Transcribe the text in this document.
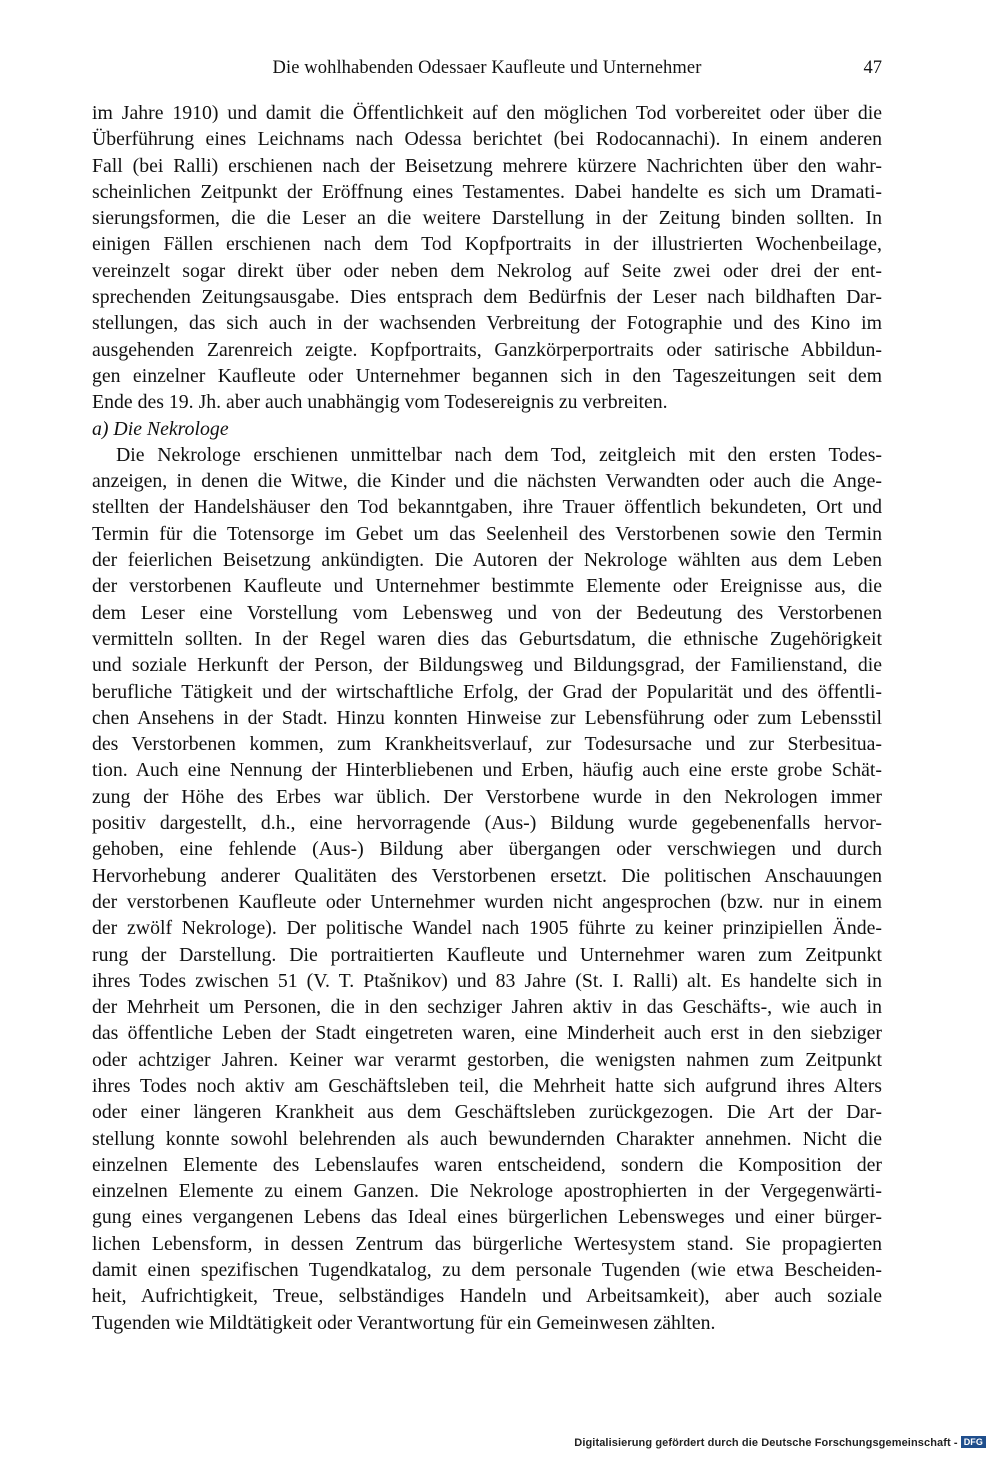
Die wohlhabenden Odessaer Kaufleute und Unternehmer	47
im Jahre 1910) und damit die Öffentlichkeit auf den möglichen Tod vorbereitet oder über die
Überführung eines Leichnams nach Odessa berichtet (bei Rodocannachi). In einem anderen
Fall (bei Ralli) erschienen nach der Beisetzung mehrere kürzere Nachrichten über den wahr-
scheinlichen Zeitpunkt der Eröffnung eines Testamentes. Dabei handelte es sich um Dramati-
sierungsformen, die die Leser an die weitere Darstellung in der Zeitung binden sollten. In
einigen Fällen erschienen nach dem Tod Kopfportraits in der illustrierten Wochenbeilage,
vereinzelt sogar direkt über oder neben dem Nekrolog auf Seite zwei oder drei der ent-
sprechenden Zeitungsausgabe. Dies entsprach dem Bedürfnis der Leser nach bildhaften Dar-
stellungen, das sich auch in der wachsenden Verbreitung der Fotographie und des Kino im
ausgehenden Zarenreich zeigte. Kopfportraits, Ganzkörperportraits oder satirische Abbildun-
gen einzelner Kaufleute oder Unternehmer begannen sich in den Tageszeitungen seit dem
Ende des 19. Jh. aber auch unabhängig vom Todesereignis zu verbreiten.
a) Die Nekrologe
Die Nekrologe erschienen unmittelbar nach dem Tod, zeitgleich mit den ersten Todes-
anzeigen, in denen die Witwe, die Kinder und die nächsten Verwandten oder auch die Ange-
stellten der Handelshäuser den Tod bekanntgaben, ihre Trauer öffentlich bekundeten, Ort und
Termin für die Totensorge im Gebet um das Seelenheil des Verstorbenen sowie den Termin
der feierlichen Beisetzung ankündigten. Die Autoren der Nekrologe wählten aus dem Leben
der verstorbenen Kaufleute und Unternehmer bestimmte Elemente oder Ereignisse aus, die
dem Leser eine Vorstellung vom Lebensweg und von der Bedeutung des Verstorbenen
vermitteln sollten. In der Regel waren dies das Geburtsdatum, die ethnische Zugehörigkeit
und soziale Herkunft der Person, der Bildungsweg und Bildungsgrad, der Familienstand, die
berufliche Tätigkeit und der wirtschaftliche Erfolg, der Grad der Popularität und des öffentli-
chen Ansehens in der Stadt. Hinzu konnten Hinweise zur Lebensführung oder zum Lebensstil
des Verstorbenen kommen, zum Krankheitsverlauf, zur Todesursache und zur Sterbesitua-
tion. Auch eine Nennung der Hinterbliebenen und Erben, häufig auch eine erste grobe Schät-
zung der Höhe des Erbes war üblich. Der Verstorbene wurde in den Nekrologen immer
positiv dargestellt, d.h., eine hervorragende (Aus-) Bildung wurde gegebenenfalls hervor-
gehoben, eine fehlende (Aus-) Bildung aber übergangen oder verschwiegen und durch
Hervorhebung anderer Qualitäten des Verstorbenen ersetzt. Die politischen Anschauungen
der verstorbenen Kaufleute oder Unternehmer wurden nicht angesprochen (bzw. nur in einem
der zwölf Nekrologe). Der politische Wandel nach 1905 führte zu keiner prinzipiellen Ände-
rung der Darstellung. Die portraitierten Kaufleute und Unternehmer waren zum Zeitpunkt
ihres Todes zwischen 51 (V. T. Ptašnikov) und 83 Jahre (St. I. Ralli) alt. Es handelte sich in
der Mehrheit um Personen, die in den sechziger Jahren aktiv in das Geschäfts-, wie auch in
das öffentliche Leben der Stadt eingetreten waren, eine Minderheit auch erst in den siebziger
oder achtziger Jahren. Keiner war verarmt gestorben, die wenigsten nahmen zum Zeitpunkt
ihres Todes noch aktiv am Geschäftsleben teil, die Mehrheit hatte sich aufgrund ihres Alters
oder einer längeren Krankheit aus dem Geschäftsleben zurückgezogen. Die Art der Dar-
stellung konnte sowohl belehrenden als auch bewundernden Charakter annehmen. Nicht die
einzelnen Elemente des Lebenslaufes waren entscheidend, sondern die Komposition der
einzelnen Elemente zu einem Ganzen. Die Nekrologe apostrophierten in der Vergegenwärti-
gung eines vergangenen Lebens das Ideal eines bürgerlichen Lebensweges und einer bürger-
lichen Lebensform, in dessen Zentrum das bürgerliche Wertesystem stand. Sie propagierten
damit einen spezifischen Tugendkatalog, zu dem personale Tugenden (wie etwa Bescheiden-
heit, Aufrichtigkeit, Treue, selbständiges Handeln und Arbeitsamkeit), aber auch soziale
Tugenden wie Mildtätigkeit oder Verantwortung für ein Gemeinwesen zählten.
Digitalisierung gefördert durch die Deutsche Forschungsgemeinschaft - DFG
